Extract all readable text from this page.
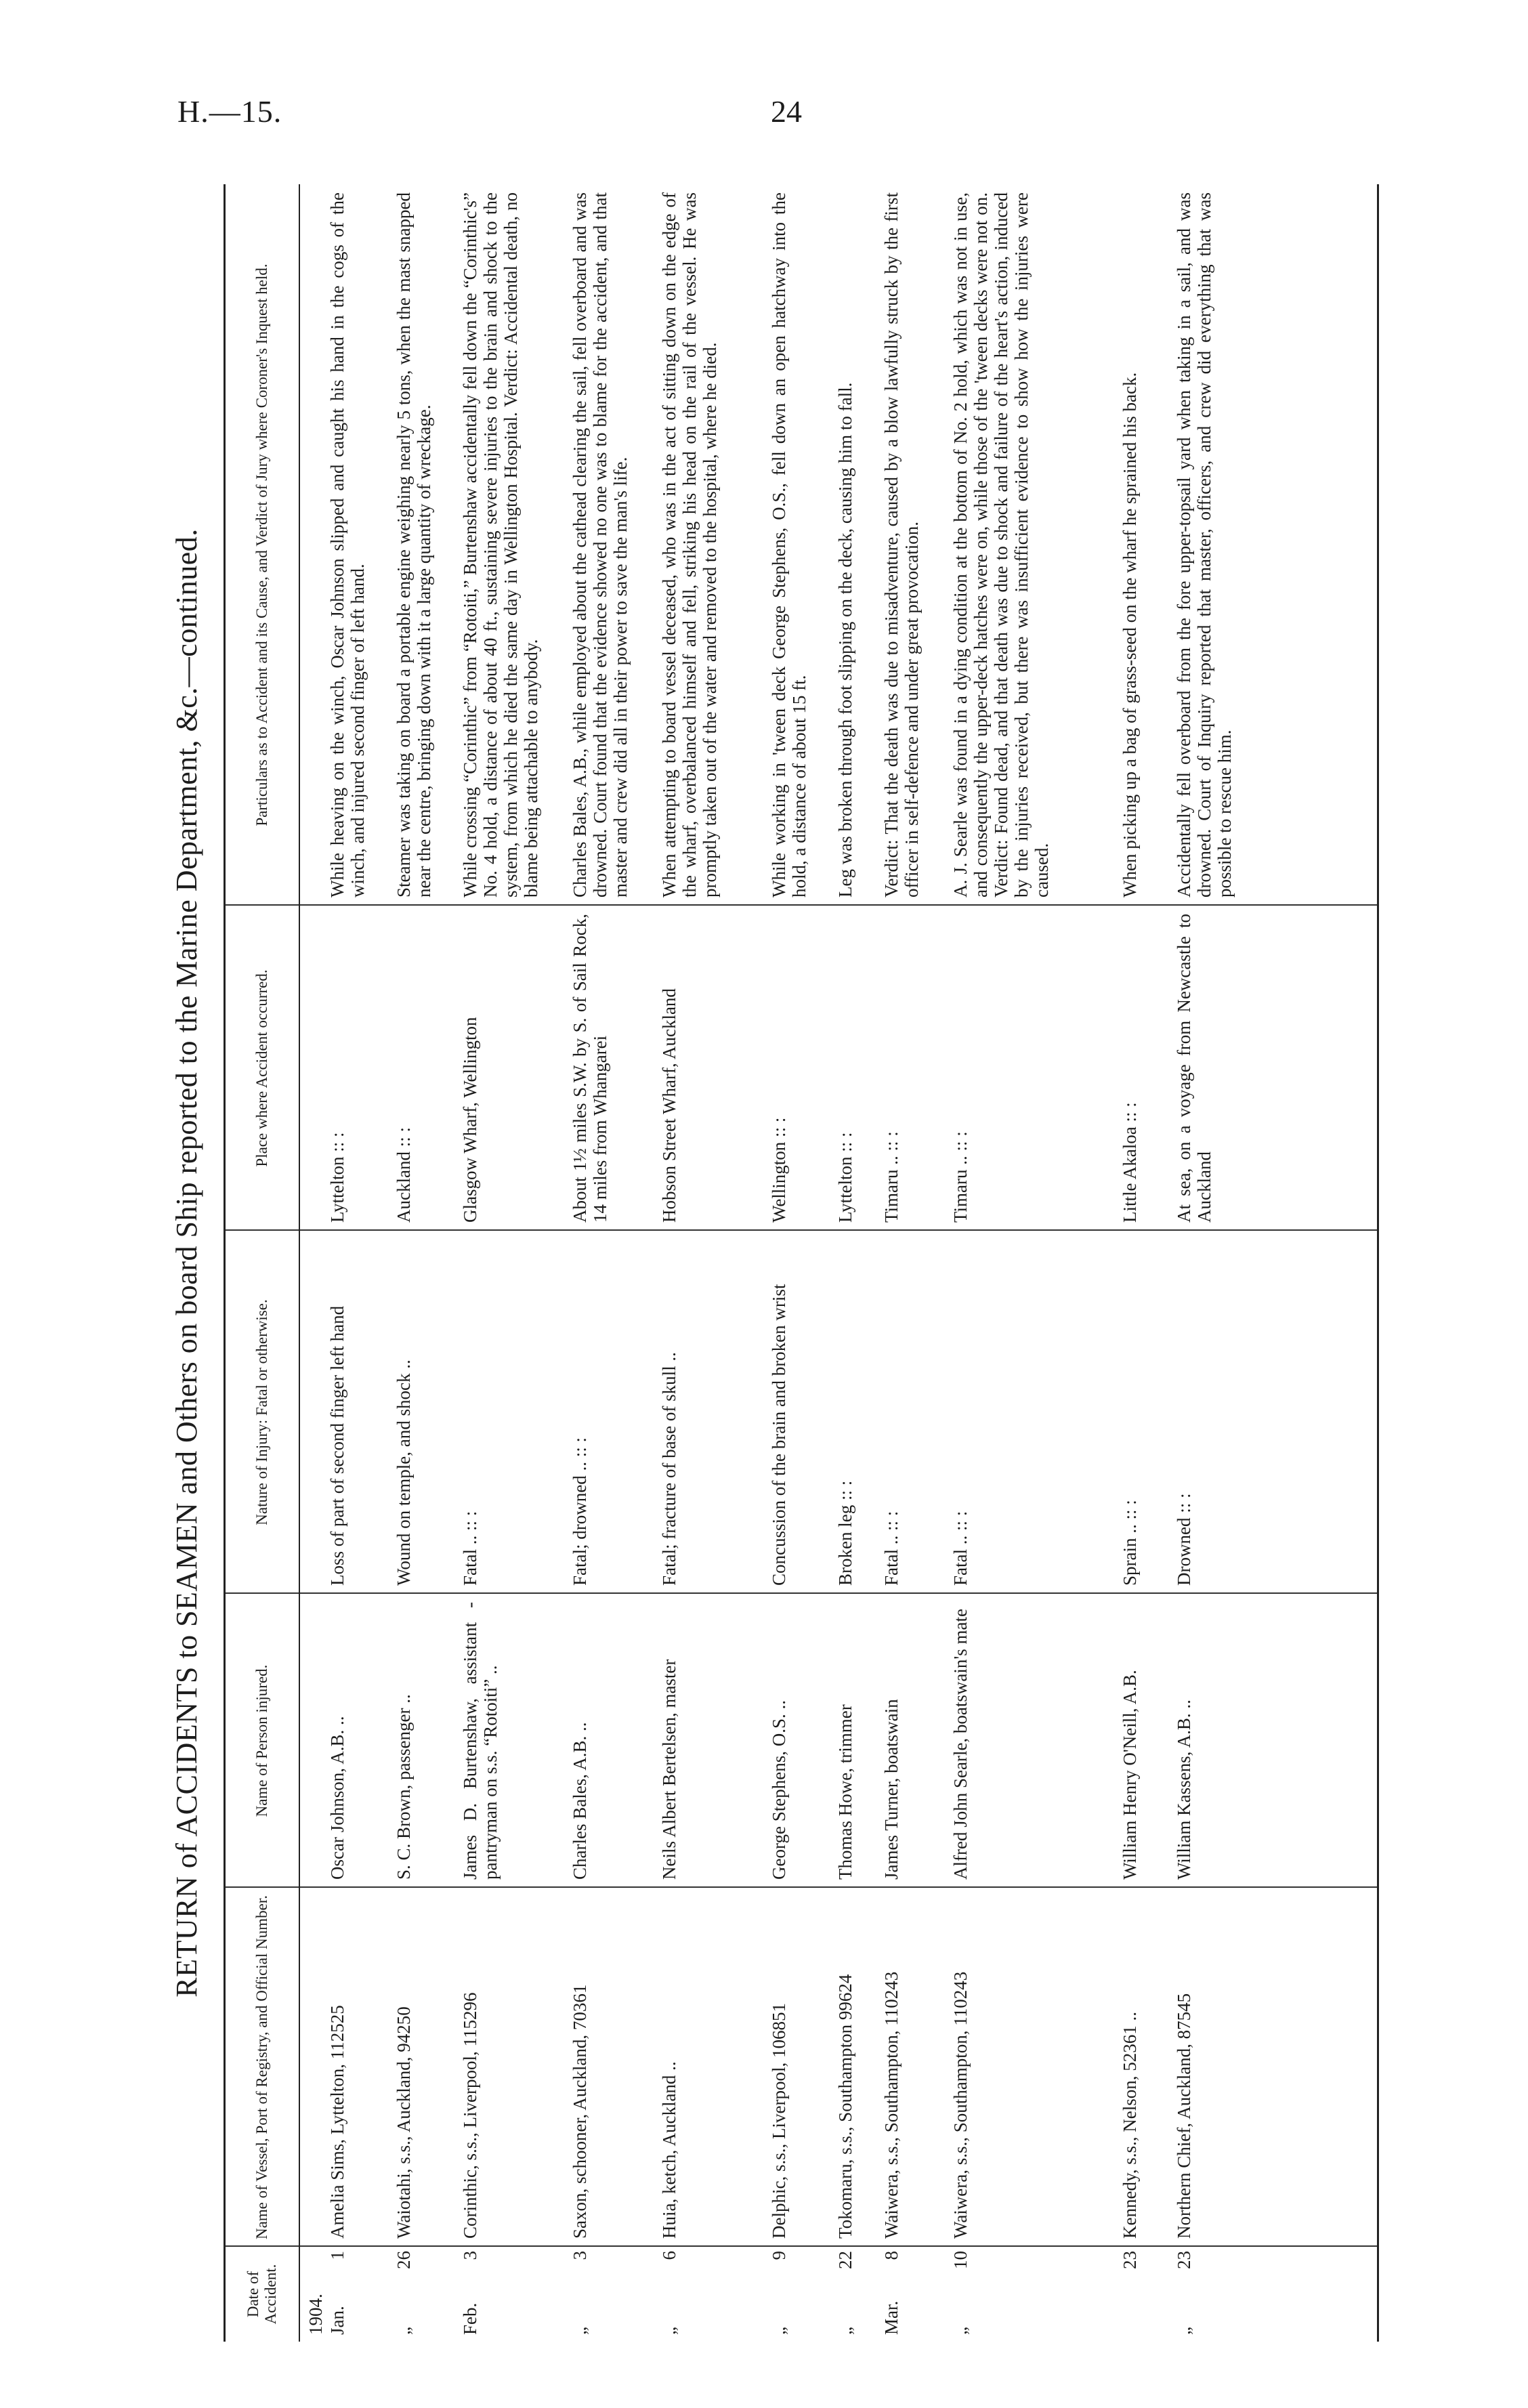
H.—15.	24
RETURN of ACCIDENTS to SEAMEN and Others on board Ship reported to the Marine Department, &c.—continued.
Date of Accident.
Name of Vessel, Port of Registry, and Official Number.
Name of Person injured.
Nature of Injury: Fatal or otherwise.
Place where Accident occurred.
Particulars as to Accident and its Cause, and Verdict of Jury where Coroner's Inquest held.
1904. Jan.
1
Amelia Sims, Lyttelton, 112525
Oscar Johnson, A.B. ..
Loss of part of second finger left hand
Lyttelton :: :
While heaving on the winch, Oscar Johnson slipped and caught his hand in the cogs of the winch, and injured second finger of left hand.
„
26
Waiotahi, s.s., Auckland, 94250
S. C. Brown, passenger ..
Wound on temple, and shock ..
Auckland :: :
Steamer was taking on board a portable engine weighing nearly 5 tons, when the mast snapped near the centre, bringing down with it a large quantity of wreckage.
Feb.
3
Corinthic, s.s., Liverpool, 115296
James D. Burtenshaw, assistant - pantryman on s.s. “Rotoiti” ..
Fatal .. :: :
Glasgow Wharf, Wellington
While crossing “Corinthic” from “Rotoiti,” Burtenshaw accidentally fell down the “Corinthic's” No. 4 hold, a distance of about 40 ft., sustaining severe injuries to the brain and shock to the system, from which he died the same day in Wellington Hospital. Verdict: Accidental death, no blame being attachable to anybody.
„
3
Saxon, schooner, Auckland, 70361
Charles Bales, A.B. ..
Fatal; drowned .. :: :
About 1½ miles S.W. by S. of Sail Rock, 14 miles from Whangarei
Charles Bales, A.B., while employed about the cathead clearing the sail, fell overboard and was drowned. Court found that the evidence showed no one was to blame for the accident, and that master and crew did all in their power to save the man's life.
„
6
Huia, ketch, Auckland ..
Neils Albert Bertelsen, master
Fatal; fracture of base of skull ..
Hobson Street Wharf, Auckland
When attempting to board vessel deceased, who was in the act of sitting down on the edge of the wharf, overbalanced himself and fell, striking his head on the rail of the vessel. He was promptly taken out of the water and removed to the hospital, where he died.
„
9
Delphic, s.s., Liverpool, 106851
George Stephens, O.S. ..
Concussion of the brain and broken wrist
Wellington :: :
While working in 'tween deck George Stephens, O.S., fell down an open hatchway into the hold, a distance of about 15 ft.
„
22
Tokomaru, s.s., Southampton 99624
Thomas Howe, trimmer
Broken leg :: :
Lyttelton :: :
Leg was broken through foot slipping on the deck, causing him to fall.
Mar.
8
Waiwera, s.s., Southampton, 110243
James Turner, boatswain
Fatal .. :: :
Timaru .. :: :
Verdict: That the death was due to misadventure, caused by a blow lawfully struck by the first officer in self-defence and under great provocation.
„
10
Waiwera, s.s., Southampton, 110243
Alfred John Searle, boatswain's mate
Fatal .. :: :
Timaru .. :: :
A. J. Searle was found in a dying condition at the bottom of No. 2 hold, which was not in use, and consequently the upper-deck hatches were on, while those of the 'tween decks were not on. Verdict: Found dead, and that death was due to shock and failure of the heart's action, induced by the injuries received, but there was insufficient evidence to show how the injuries were caused.
23
Kennedy, s.s., Nelson, 52361 ..
William Henry O'Neill, A.B.
Sprain .. :: :
Little Akaloa :: :
When picking up a bag of grass-seed on the wharf he sprained his back.
„
23
Northern Chief, Auckland, 87545
William Kassens, A.B. ..
Drowned :: :
At sea, on a voyage from Newcastle to Auckland
Accidentally fell overboard from the fore upper-topsail yard when taking in a sail, and was drowned. Court of Inquiry reported that master, officers, and crew did everything that was possible to rescue him.
